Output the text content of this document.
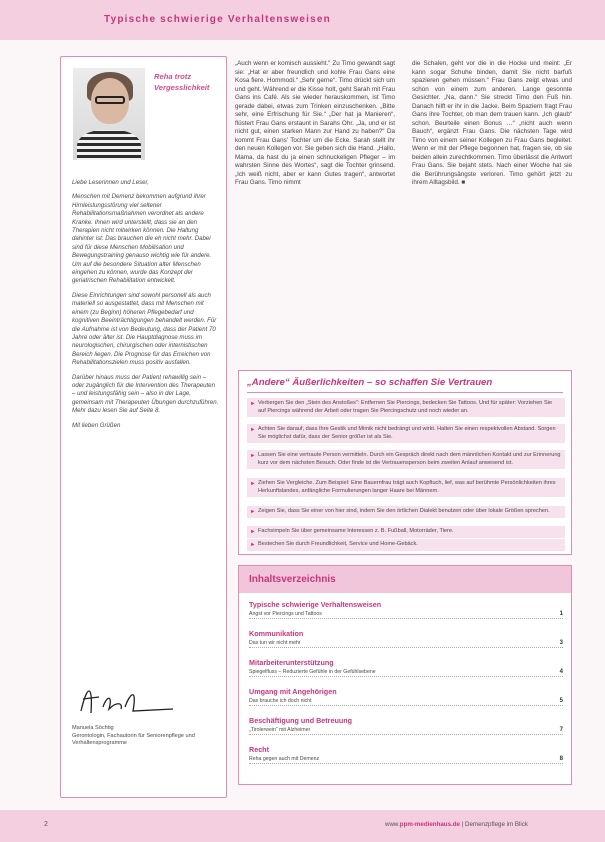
Typische schwierige Verhaltensweisen
Reha trotz Vergesslichkeit

Liebe Leserinnen und Leser,

Menschen mit Demenz bekommen aufgrund ihrer Hirnleistungsstörung viel seltener Rehabilitationsmaßnahmen verordnet als andere Kranke. Ihnen wird unterstellt, dass sie an den Therapien nicht mitwirken können. Die Haltung dahinter ist: Das brauchen die eh nicht mehr. Dabei sind für diese Menschen Mobilisation und Bewegungstraining genauso wichtig wie für andere. Um auf die besondere Situation alter Menschen eingehen zu können, wurde das Konzept der geriatrischen Rehabilitation entwickelt.

Diese Einrichtungen sind sowohl personell als auch materiell so ausgestattet, dass mit Menschen mit einem (zu Beginn) höheren Pflegebedarf und kognitiven Beeinträchtigungen behandelt werden. Für die Aufnahme ist von Bedeutung, dass der Patient 70 Jahre oder älter ist. Die Hauptdiagnose muss im neurologischen, chirurgischen oder internistischen Bereich liegen. Die Prognose für das Erreichen von Rehabilitationszielen muss positiv ausfallen.

Darüber hinaus muss der Patient rehawillig sein – oder zugänglich für die Intervention des Therapeuten – und leistungsfähig sein – also in der Lage, gemeinsam mit Therapeuten Übungen durchzuführen. Mehr dazu lesen Sie auf Seite 8.

Mit lieben Grüßen

Manuela Söchtig
Gerontologin, Fachautorin für Seniorenpflege und Verhaltensprogramme
„Auch wenn er komisch aussieht.“ Zu Timo gewandt sagt sie: „Hat er aber freundlich und kohle Frau Gans eine Kosa fiere. Hommodi.“ „Sehr gerne“. Timo drückt sich um und geht. Während er die Kisse holt, geht Sarah mit Frau Gans ins Café. Als sie wieder herauskommen, ist Timo gerade dabei, etwas zum Trinken einzuschenken. „Bitte sehr, eine Erfrischung für Sie.“ „Der hat ja Manieren“, flüstert Frau Gans erstaunt in Sarahs Ohr. „Ja, und er ist nicht gut, einen starken Mann zur Hand zu haben?“ Da kommt Frau Gans' Tochter um die Ecke. Sarah stellt ihr den neuen Kollegen vor. Sie geben sich die Hand. „Hallo, Mama, da hast du ja einen schnuckeligen Pfleger – im wahrsten Sinne des Wortes“, sagt die Tochter grinsend. „Ich weiß nicht, aber er kann Gutes tragen“, antwortet Frau Gans. Timo nimmt
die Schalen, geht vor die in die Hocke und meint: „Er kann sogar Schuhe binden, damit Sie nicht barfuß spazieren gehen müssen.“ Frau Gans zeigt etwas und schon von einem zum anderen. Lange gesonnte Gesichter. „Na, dann.“ Sie streckt Timo den Fuß hin. Danach hilft er ihr in die Jacke. Beim Spaziern fragt Frau Gans ihre Tochter, ob man dem trauen kann. „Ich glaub“ schon. Beurteile einen Bonus …“ „nicht auch wenn Bauch“, ergänzt Frau Gans. Die nächsten Tage wird Timo von einem seiner Kollegen zu Frau Gans begleitet. Wenn er mit der Pflege begonnen hat, fragen sie, ob sie beiden allein zurechtkommen. Timo überlässt die Antwort Frau Gans. Sie bejaht stets. Nach einer Woche hat sie die Berührungsängste verloren. Timo gehört jetzt zu ihrem Alltagsbild. ■
„Andere“ Äußerlichkeiten – so schaffen Sie Vertrauen
► Verbergen Sie den „Stein des Anstoßes“: Entfernen Sie Piercings, bedecken Sie Tattoos. Und für später: Vorziehen Sie auf Piercings während der Arbeit oder tragen Sie Piercingschutz und noch wieder an.
► Achten Sie darauf, dass Ihre Gestik und Mimik nicht bedrängt und wirkt. Halten Sie einen respektvollen Abstand. Sorgen Sie möglichst dafür, dass der Senior größer ist als Sie.
► Lassen Sie eine vertraute Person vermitteln. Durch ein Gespräch direkt nach dem männlichen Kontakt und zur Erinnerung kurz vor dem nächsten Besuch. Oder finde ist die Vertrauensperson beim zweiten Anlauf anwesend ist.
► Ziehen Sie Vergleiche. Zum Beispiel: Eine Bauernfrau trägt auch Kopftuch, lief, was auf berühmte Persönlichkeiten ihres Herkunftslandes, anfängliche Formulierungen langer Haare bei Männern.
► Zeigen Sie, dass Sie einer von hier sind, indem Sie den örtlichen Dialekt benutzen oder über lokale Größen sprechen.
► Fachsimpeln Sie über gemeinsame Interessen z. B. Fußball, Motorräder, Tiere.
► Bestechen Sie durch Freundlichkeit, Service und Home-Gebäck.
Inhaltsverzeichnis
Typische schwierige Verhaltensweisen
Angst vor Piercings und Tattoos	1
Kommunikation
Das tun wir nicht mehr	3
Mitarbeiterunterstützung
Spiegelfluss – Reduzierte Gefühle in der Gefühlsebene	4
Umgang mit Angehörigen
Das brauche ich doch nicht	5
Beschäftigung und Betreuung
„Tirolerwein“ mit Alzheimer	7
Recht
Reha gegen auch mit Demenz	8
2	www.ppm-medienhaus.de | Demenzpflege im Blick
